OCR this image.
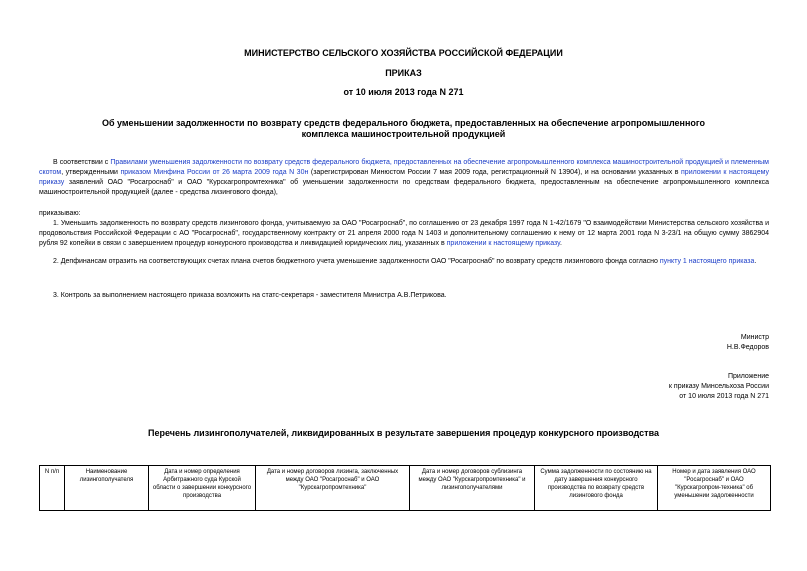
МИНИСТЕРСТВО СЕЛЬСКОГО ХОЗЯЙСТВА РОССИЙСКОЙ ФЕДЕРАЦИИ
ПРИКАЗ
от 10 июля 2013 года N 271
Об уменьшении задолженности по возврату средств федерального бюджета, предоставленных на обеспечение агропромышленного комплекса машиностроительной продукцией
В соответствии с Правилами уменьшения задолженности по возврату средств федерального бюджета, предоставленных на обеспечение агропромышленного комплекса машиностроительной продукцией и племенным скотом, утвержденными приказом Минфина России от 26 марта 2009 года N 30н (зарегистрирован Минюстом России 7 мая 2009 года, регистрационный N 13904), и на основании указанных в приложении к настоящему приказу заявлений ОАО "Росагроснаб" и ОАО "Курскагропромтехника" об уменьшении задолженности по средствам федерального бюджета, предоставленным на обеспечение агропромышленного комплекса машиностроительной продукцией (далее - средства лизингового фонда),
приказываю:
1. Уменьшить задолженность по возврату средств лизингового фонда, учитываемую за ОАО "Росагроснаб", по соглашению от 23 декабря 1997 года N 1-42/1679 "О взаимодействии Министерства сельского хозяйства и продовольствия Российской Федерации с АО "Росагроснаб", государственному контракту от 21 апреля 2000 года N 1403 и дополнительному соглашению к нему от 12 марта 2001 года N 3-23/1 на общую сумму 3862904 рубля 92 копейки в связи с завершением процедур конкурсного производства и ликвидацией юридических лиц, указанных в приложении к настоящему приказу.
2. Депфинансам отразить на соответствующих счетах плана счетов бюджетного учета уменьшение задолженности ОАО "Росагроснаб" по возврату средств лизингового фонда согласно пункту 1 настоящего приказа.
3. Контроль за выполнением настоящего приказа возложить на статс-секретаря - заместителя Министра А.В.Петрикова.
Министр
Н.В.Федоров
Приложение
к приказу Минсельхоза России
от 10 июля 2013 года N 271
Перечень лизингополучателей, ликвидированных в результате завершения процедур конкурсного производства
N п/п	Наименование лизингополучателя	Дата и номер определения Арбитражного суда Курской области о завершении конкурсного производства	Дата и номер договоров лизинга, заключенных между ОАО "Росагроснаб" и ОАО "Курскагропромтехника"	Дата и номер договоров сублизинга между ОАО "Курскагропромтехника" и лизингополучателями	Сумма задолженности по состоянию на дату завершения конкурсного производства по возврату средств лизингового фонда	Номер и дата заявления ОАО "Росагроснаб" и ОАО "Курскагропром-техника" об уменьшении задолженности
